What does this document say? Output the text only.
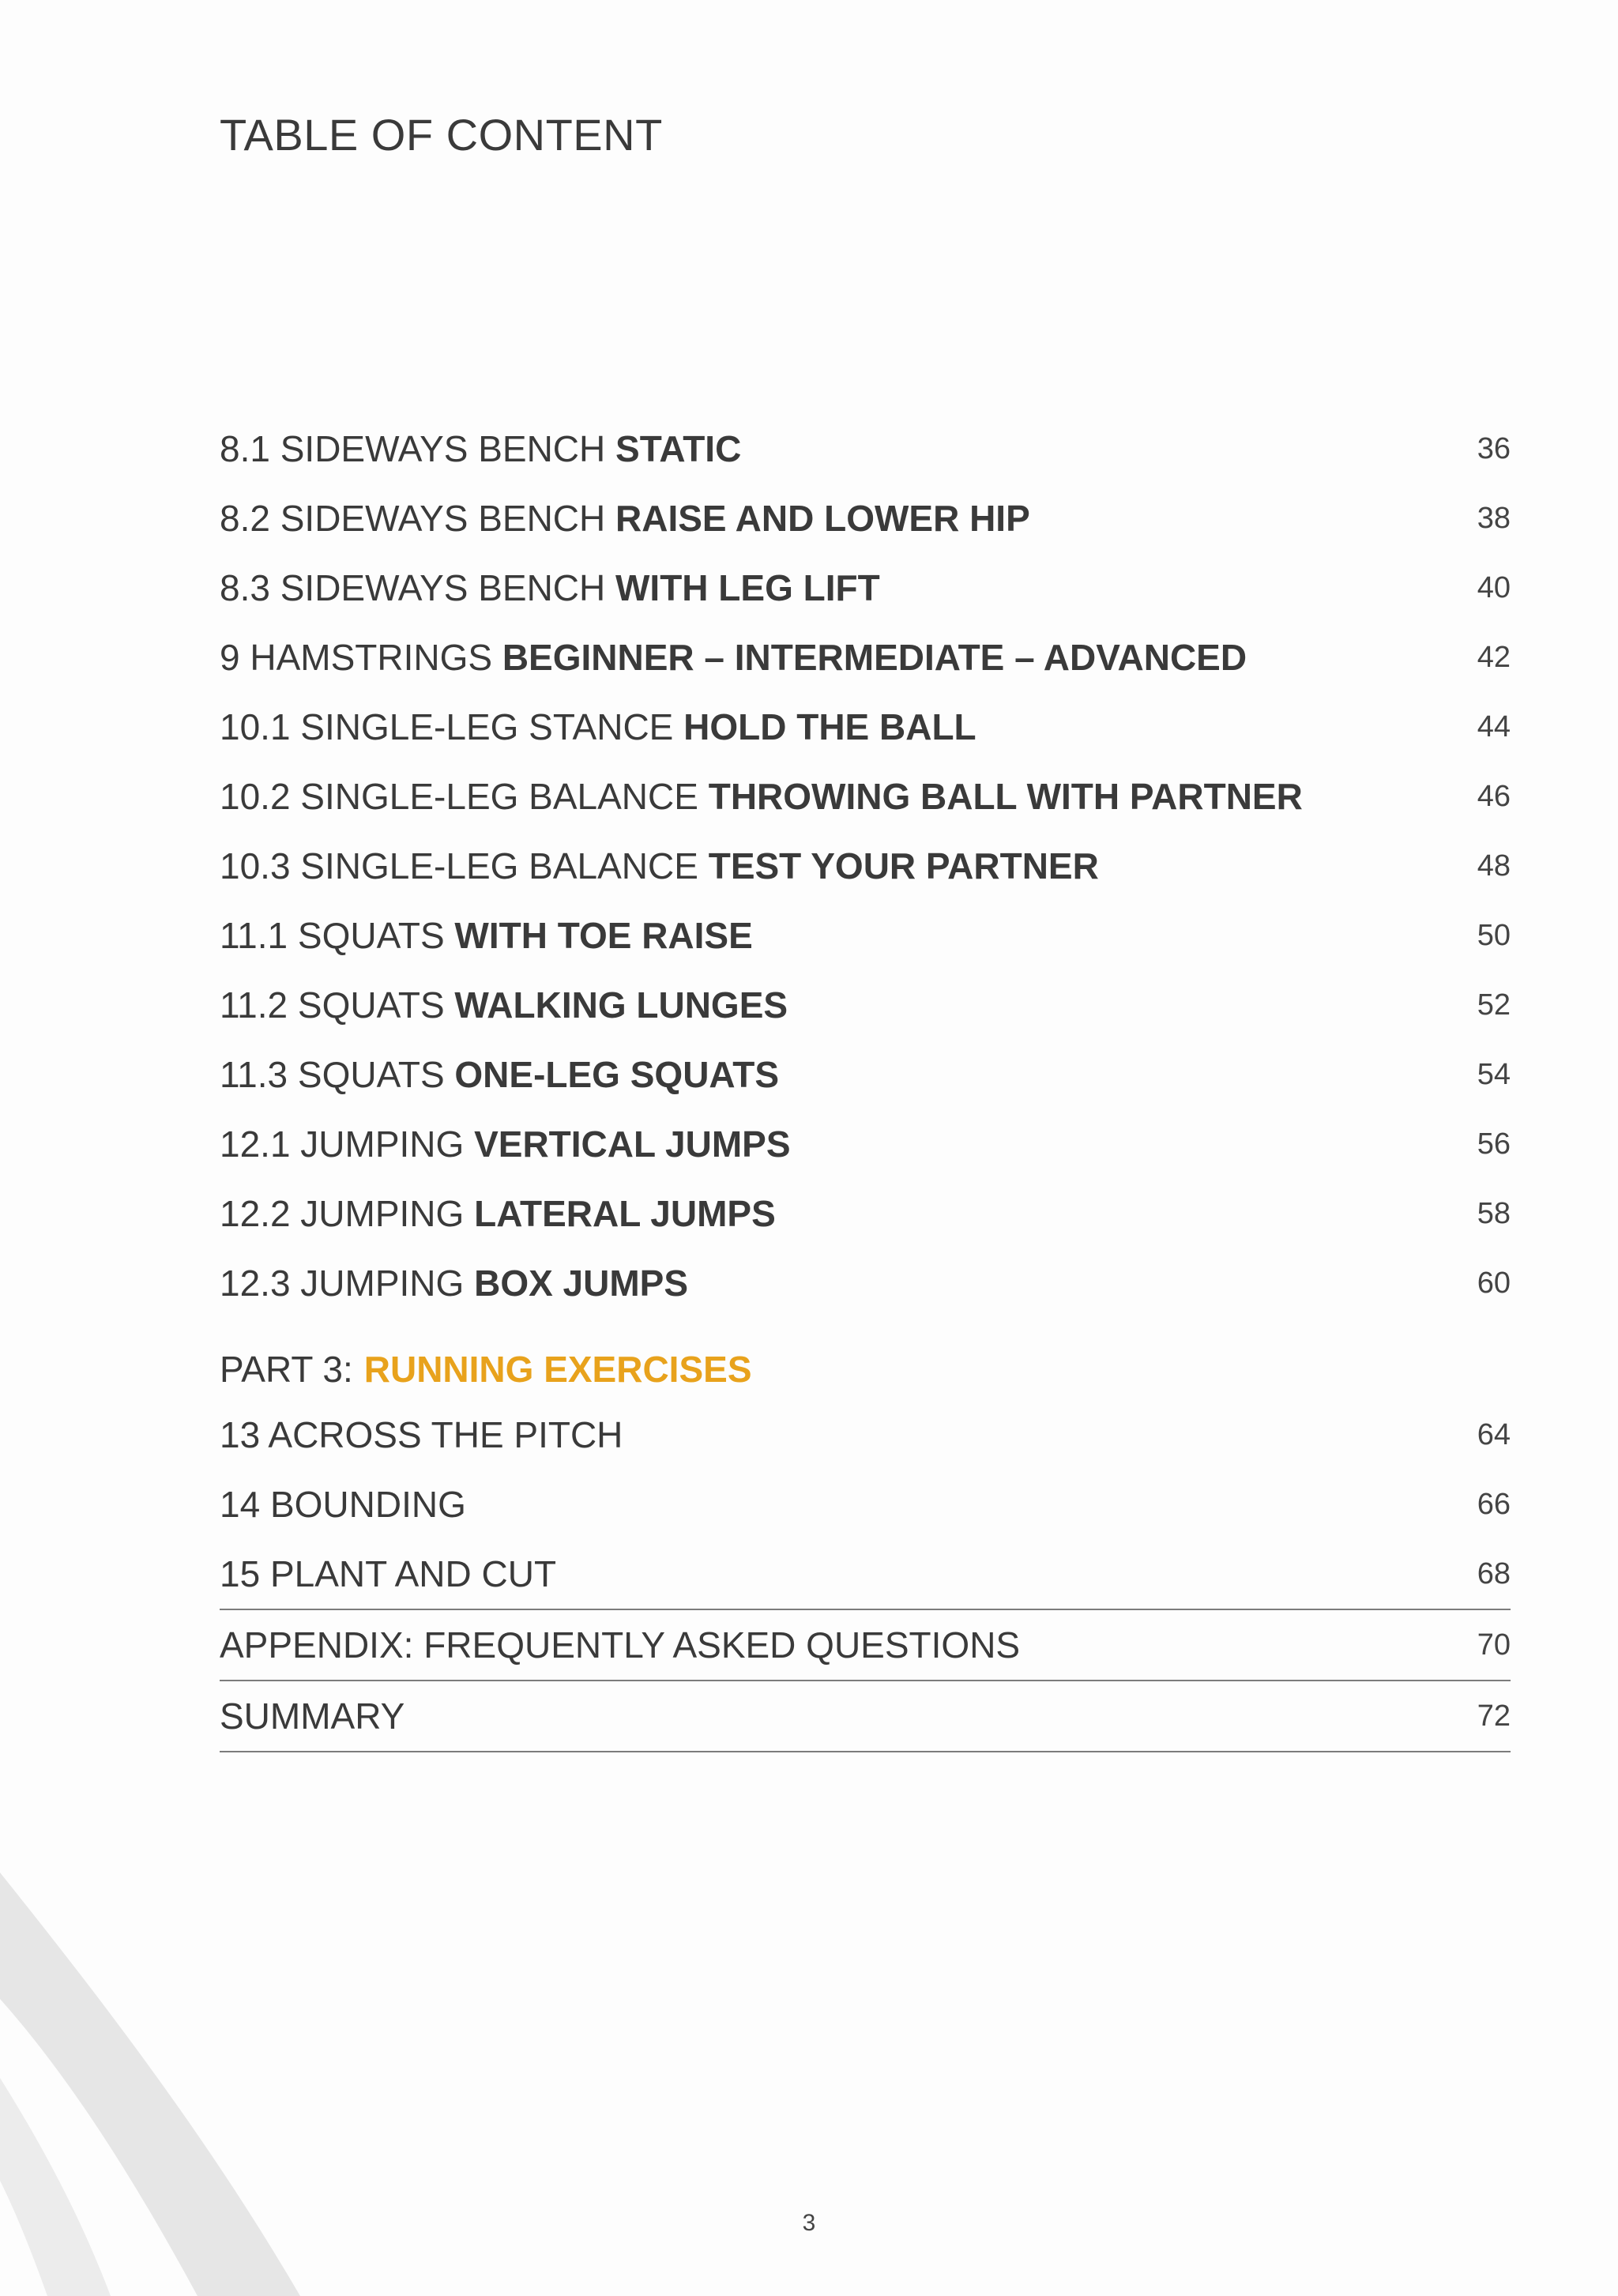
TABLE OF CONTENT
8.1 SIDEWAYS BENCH STATIC	36
8.2 SIDEWAYS BENCH RAISE AND LOWER HIP	38
8.3 SIDEWAYS BENCH WITH LEG LIFT	40
9 HAMSTRINGS BEGINNER – INTERMEDIATE – ADVANCED	42
10.1 SINGLE-LEG STANCE HOLD THE BALL	44
10.2 SINGLE-LEG BALANCE THROWING BALL WITH PARTNER	46
10.3 SINGLE-LEG BALANCE TEST YOUR PARTNER	48
11.1 SQUATS WITH TOE RAISE	50
11.2 SQUATS WALKING LUNGES	52
11.3 SQUATS ONE-LEG SQUATS	54
12.1 JUMPING VERTICAL JUMPS	56
12.2 JUMPING LATERAL JUMPS	58
12.3 JUMPING BOX JUMPS	60
PART 3: RUNNING EXERCISES
13 ACROSS THE PITCH	64
14 BOUNDING	66
15 PLANT AND CUT	68
APPENDIX: FREQUENTLY ASKED QUESTIONS	70
SUMMARY	72
3
